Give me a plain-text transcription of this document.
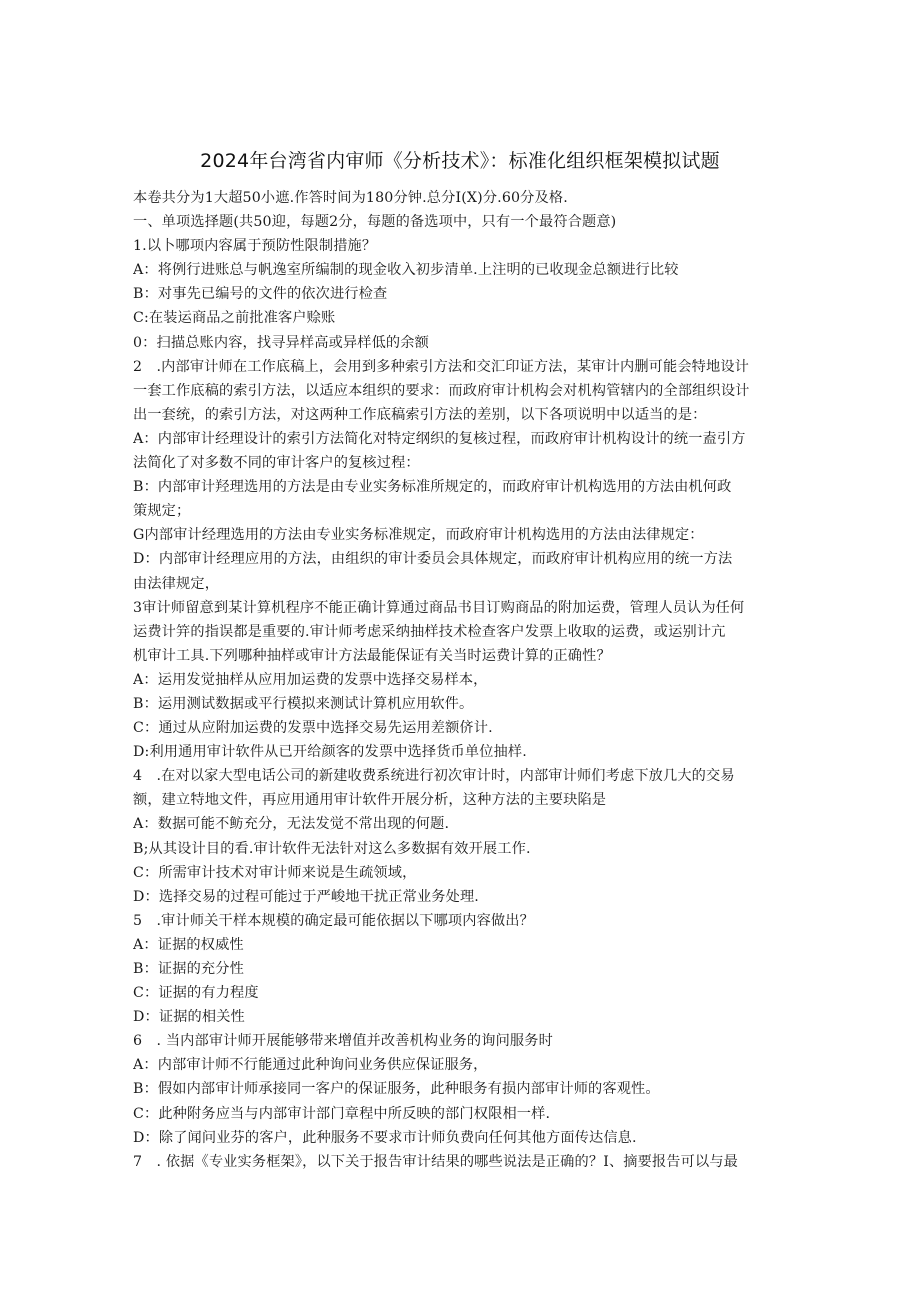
2024年台湾省内审师《分析技术》：标准化组织框架模拟试题
本卷共分为1大超50小遮.作答时间为180分钟.总分I(X)分.60分及格.
一、单项选择题(共50迎，每题2分，每题的备选项中，只有一个最符合题意)
1.以卜哪项内容属于预防性限制措施？
A：将例行进账总与帆逸室所编制的现金收入初步清单.上注明的已收现金总额进行比较
B：对事先已编号的文件的依次进行检查
C:在装运商品之前批准客户赊账
0：扫描总账内容，找寻异样高或异样低的余额
2　.内部审计师在工作底稿上，会用到多种索引方法和交汇印证方法，某审计内删可能会特地设计
一套工作底稿的索引方法，以适应本组织的要求：而政府审计机构会对机构管辖内的全部组织设计
出一套统，的索引方法，对这两种工作底稿索引方法的差别，以下各项说明中以适当的是：
A：内部审计经理设计的索引方法简化对特定纲织的复核过程，而政府审计机构设计的统一盍引方
法简化了对多数不同的审计客户的复核过程：
B：内部审计羟理选用的方法是由专业实务标准所规定的，而政府审计机构选用的方法由机何政
策规定；
G内部审计经理选用的方法由专业实务标准规定，而政府审计机构选用的方法由法律规定：
D：内部审计经理应用的方法，由组织的审计委员会具体规定，而政府审计机构应用的统一方法
由法律规定，
3审计师留意到某计算机程序不能正确计算通过商品书目订购商品的附加运费，管理人员认为任何
运费计笄的指误都是重要的.审计师考虑采纳抽样技术检查客户发票上收取的运费，或运别计亢
机审计工具.下列哪种抽样或审计方法最能保证有关当时运费计算的正确性？
A：运用发觉抽样从应用加运费的发票中选择交易样本，
B：运用测试数据或平行模拟来测试计算机应用软件。
C：通过从应附加运费的发票中选择交易先运用差额侪计.
D:利用通用审计软件从已开给颜客的发票中选择货币单位抽样.
4　.在对以家大型电话公司的新建收费系统进行初次审计时，内部审计师们考虑下放几大的交易
额，建立特地文件，再应用通用审计软件开展分析，这种方法的主要玦陷是
A：数据可能不鲂充分，无法发觉不常出现的何题.
B;从其设计目的看.审计软件无法针对这么多数据有效开展工作.
C：所需审计技术对审计师来说是生疏领域，
D：选择交易的过程可能过于严峻地干扰正常业务处理.
5　.审计师关干样本规模的确定最可能依据以下哪项内容做出？
A：证据的权威性
B：证据的充分性
C：证据的有力程度
D：证据的相关性
6　. 当内部审计师开展能够带来增值并改善机构业务的询问服务时
A：内部审计师不行能通过此种询问业务供应保证服务，
B：假如内部审计师承接同一客户的保证服务，此种眼务有损内部审计师的客观性。
C：此种附务应当与内部审计部门章程中所反映的部门权限相一样.
D：除了闻问业芬的客户，此种服务不要求市计师负费向任何其他方面传达信息.
7　. 依据《专业实务框架》，以下关于报告审计结果的哪些说法是正确的？I、摘要报告可以与最
